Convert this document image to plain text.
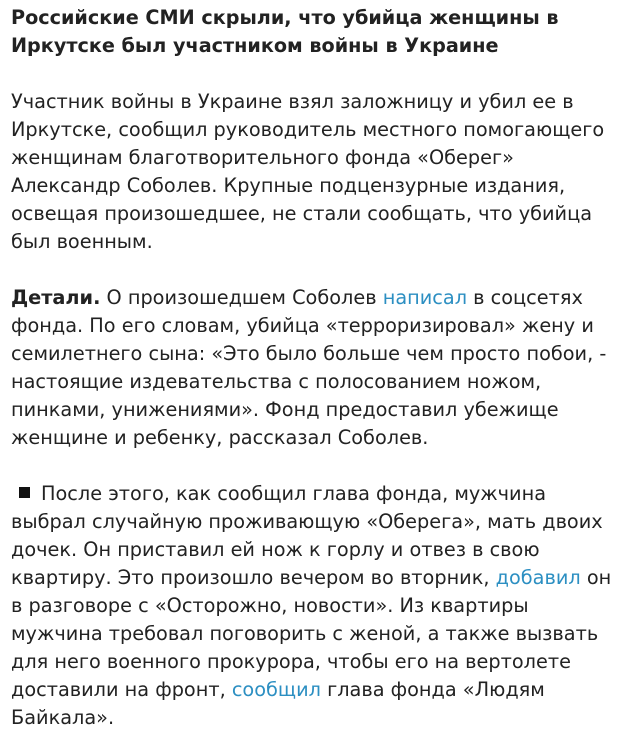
Российские СМИ скрыли, что убийца женщины в Иркутске был участником войны в Украине

Участник войны в Украине взял заложницу и убил ее в Иркутске, сообщил руководитель местного помогающего женщинам благотворительного фонда «Оберег» Александр Соболев. Крупные подцензурные издания, освещая произошедшее, не стали сообщать, что убийца был военным.

Детали. О произошедшем Соболев написал в соцсетях фонда. По его словам, убийца «терроризировал» жену и семилетнего сына: «Это было больше чем просто побои, - настоящие издевательства с полосованием ножом, пинками, унижениями». Фонд предоставил убежище женщине и ребенку, рассказал Соболев.

После этого, как сообщил глава фонда, мужчина выбрал случайную проживающую «Оберега», мать двоих дочек. Он приставил ей нож к горлу и отвез в свою квартиру. Это произошло вечером во вторник, добавил он в разговоре с «Осторожно, новости». Из квартиры мужчина требовал поговорить с женой, а также вызвать для него военного прокурора, чтобы его на вертолете доставили на фронт, сообщил глава фонда «Людям Байкала».
